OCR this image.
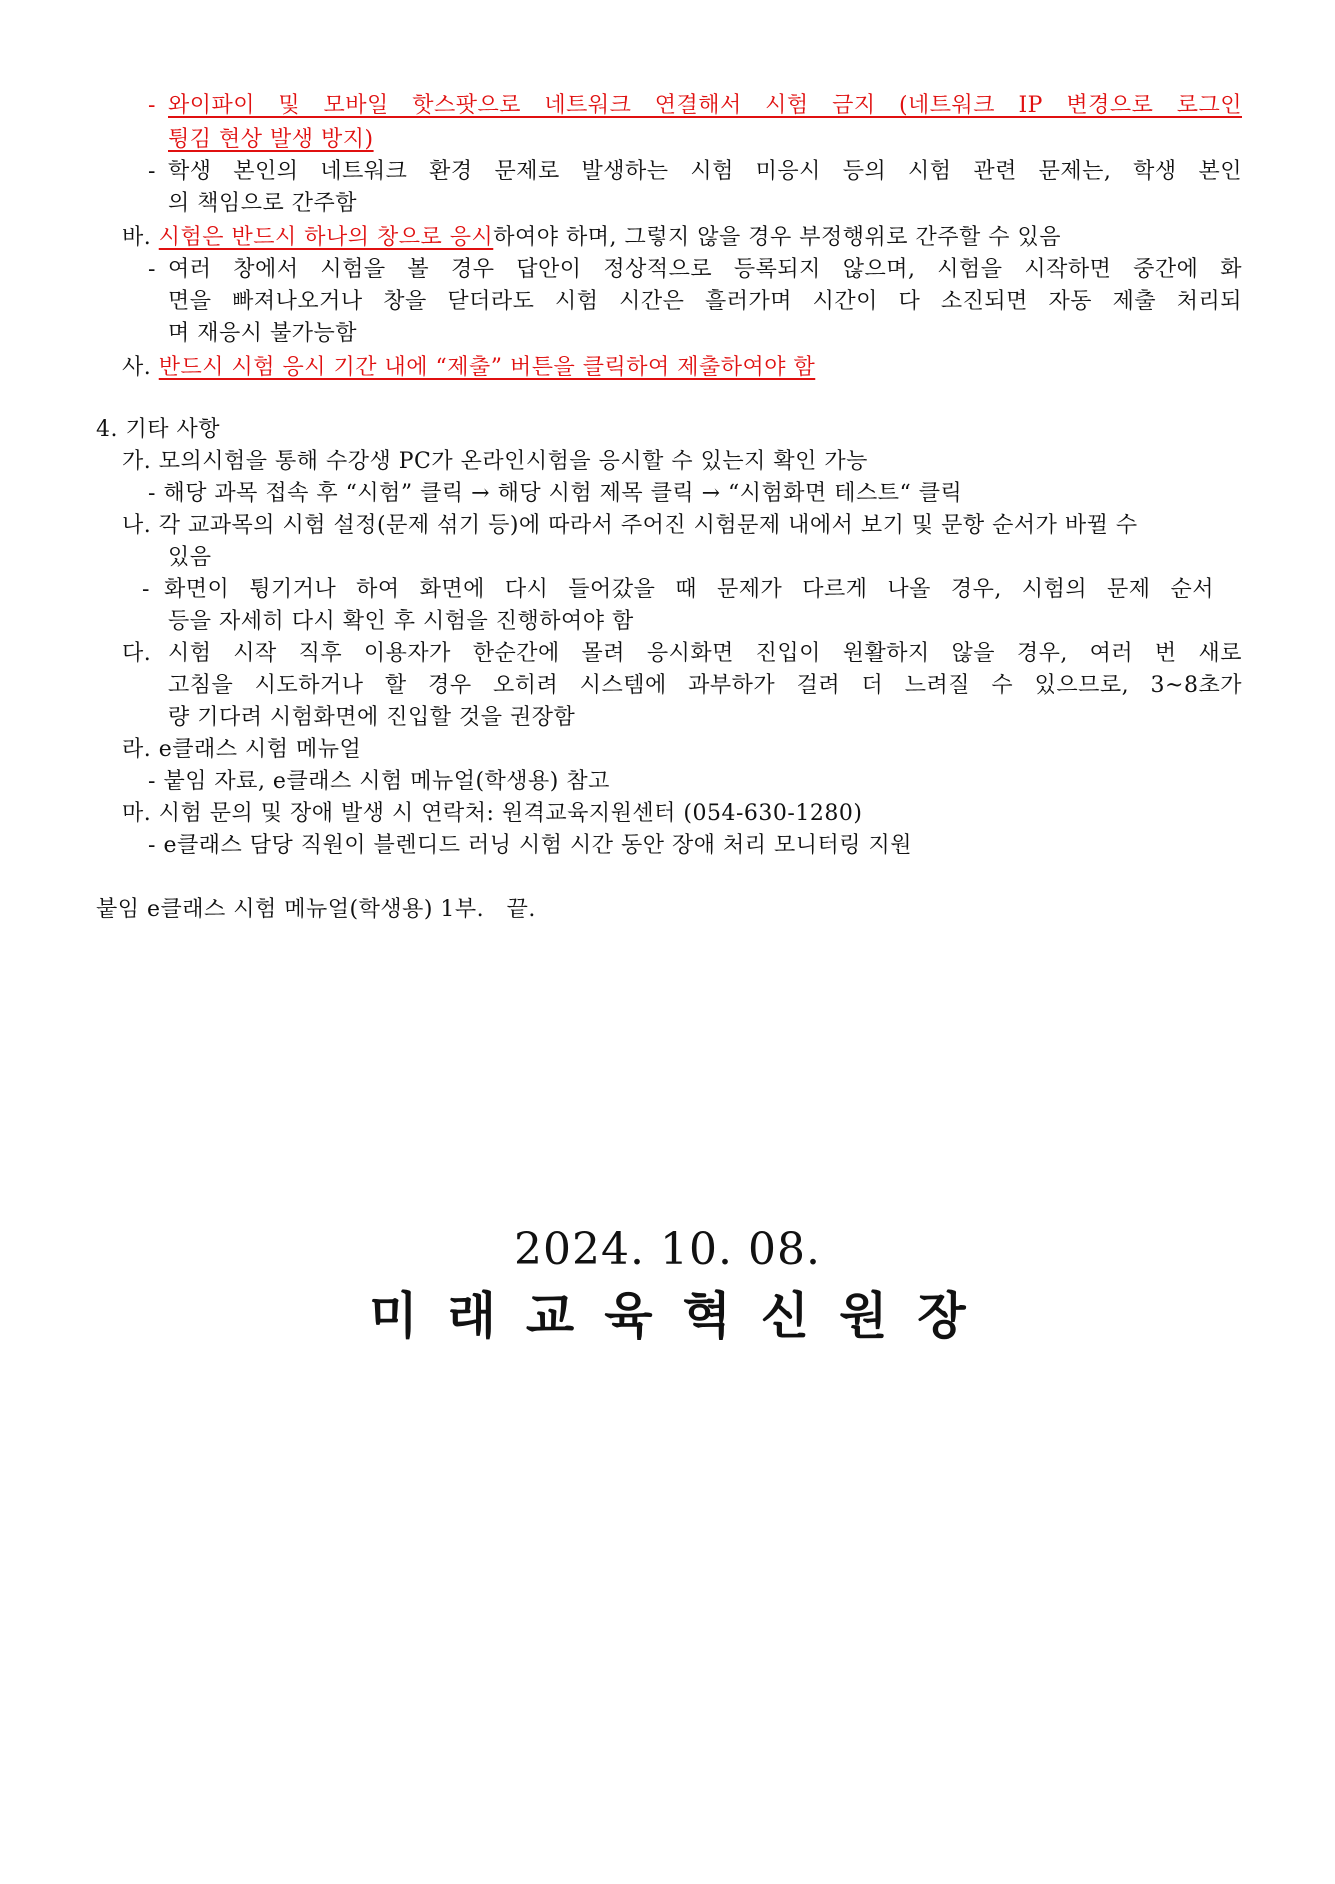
- 와이파이 및 모바일 핫스팟으로 네트워크 연결해서 시험 금지 (네트워크 IP 변경으로 로그인

튕김 현상 발생 방지)

- 학생 본인의 네트워크 환경 문제로 발생하는 시험 미응시 등의 시험 관련 문제는, 학생 본인

의 책임으로 간주함

바. 시험은 반드시 하나의 창으로 응시하여야 하며, 그렇지 않을 경우 부정행위로 간주할 수 있음

- 여러 창에서 시험을 볼 경우 답안이 정상적으로 등록되지 않으며, 시험을 시작하면 중간에 화

면을 빠져나오거나 창을 닫더라도 시험 시간은 흘러가며 시간이 다 소진되면 자동 제출 처리되

며 재응시 불가능함

사. 반드시 시험 응시 기간 내에 “제출” 버튼을 클릭하여 제출하여야 함

4. 기타 사항

가. 모의시험을 통해 수강생 PC가 온라인시험을 응시할 수 있는지 확인 가능

- 해당 과목 접속 후 “시험” 클릭 → 해당 시험 제목 클릭 → “시험화면 테스트“ 클릭

나. 각 교과목의 시험 설정(문제 섞기 등)에 따라서 주어진 시험문제 내에서 보기 및 문항 순서가 바뀔 수

있음

- 화면이 튕기거나 하여 화면에 다시 들어갔을 때 문제가 다르게 나올 경우, 시험의 문제 순서

등을 자세히 다시 확인 후 시험을 진행하여야 함

다. 시험 시작 직후 이용자가 한순간에 몰려 응시화면 진입이 원활하지 않을 경우, 여러 번 새로

고침을 시도하거나 할 경우 오히려 시스템에 과부하가 걸려 더 느려질 수 있으므로, 3~8초가

량 기다려 시험화면에 진입할 것을 권장함

라. e클래스 시험 메뉴얼

- 붙임 자료, e클래스 시험 메뉴얼(학생용) 참고

마. 시험 문의 및 장애 발생 시 연락처: 원격교육지원센터 (054-630-1280)

- e클래스 담당 직원이 블렌디드 러닝 시험 시간 동안 장애 처리 모니터링 지원

붙임 e클래스 시험 메뉴얼(학생용) 1부. 끝.

2024. 10. 08.
미래교육혁신원장
